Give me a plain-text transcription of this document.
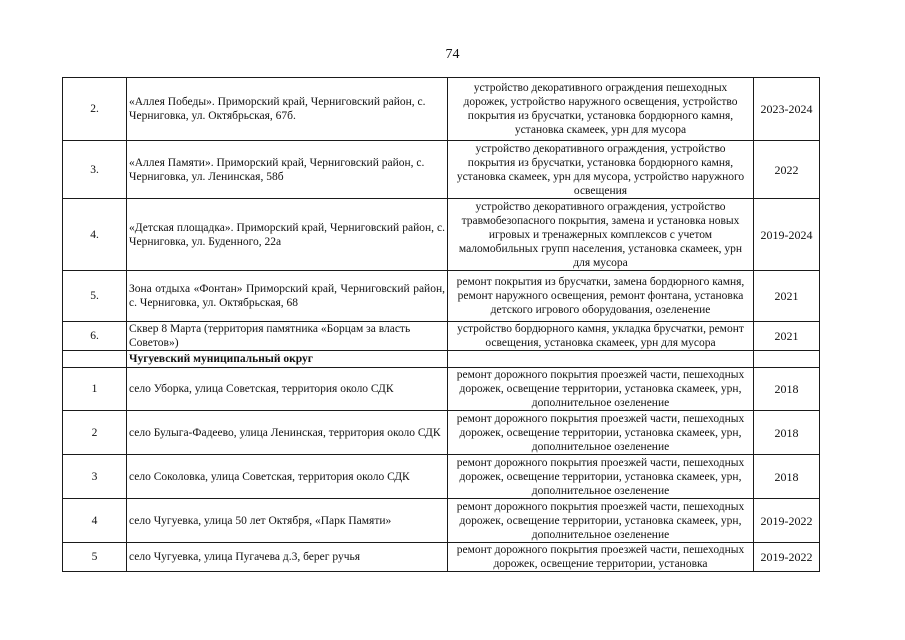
74
2.	«Аллея Победы». Приморский край, Черниговский район, с. Черниговка, ул. Октябрьская, 67б.	устройство декоративного ограждения пешеходных дорожек, устройство наружного освещения, устройство покрытия из брусчатки, установка бордюрного камня, установка скамеек, урн для мусора	2023-2024
3.	«Аллея Памяти». Приморский край, Черниговский район, с. Черниговка, ул. Ленинская, 58б	устройство декоративного ограждения, устройство покрытия из брусчатки, установка бордюрного камня, установка скамеек, урн для мусора, устройство наружного освещения	2022
4.	«Детская площадка». Приморский край, Черниговский район, с. Черниговка, ул. Буденного, 22а	устройство декоративного ограждения, устройство травмобезопасного покрытия, замена и установка новых игровых и тренажерных комплексов с учетом маломобильных групп населения, установка скамеек, урн для мусора	2019-2024
5.	Зона отдыха «Фонтан» Приморский край, Черниговский район, с. Черниговка, ул. Октябрьская, 68	ремонт покрытия из брусчатки, замена бордюрного камня, ремонт наружного освещения, ремонт фонтана, установка детского игрового оборудования, озеленение	2021
6.	Сквер 8 Марта (территория памятника «Борцам за власть Советов»)	устройство бордюрного камня, укладка брусчатки, ремонт освещения, установка скамеек, урн для мусора	2021
	Чугуевский муниципальный округ		
1	село Уборка, улица Советская, территория около СДК	ремонт дорожного покрытия проезжей части, пешеходных дорожек, освещение территории, установка скамеек, урн, дополнительное озеленение	2018
2	село Булыга-Фадеево, улица Ленинская, территория около СДК	ремонт дорожного покрытия проезжей части, пешеходных дорожек, освещение территории, установка скамеек, урн, дополнительное озеленение	2018
3	село Соколовка, улица Советская, территория около СДК	ремонт дорожного покрытия проезжей части, пешеходных дорожек, освещение территории, установка скамеек, урн, дополнительное озеленение	2018
4	село Чугуевка, улица 50 лет Октября, «Парк Памяти»	ремонт дорожного покрытия проезжей части, пешеходных дорожек, освещение территории, установка скамеек, урн, дополнительное озеленение	2019-2022
5	село Чугуевка, улица Пугачева д.3, берег ручья	ремонт дорожного покрытия проезжей части, пешеходных дорожек, освещение территории, установка	2019-2022
